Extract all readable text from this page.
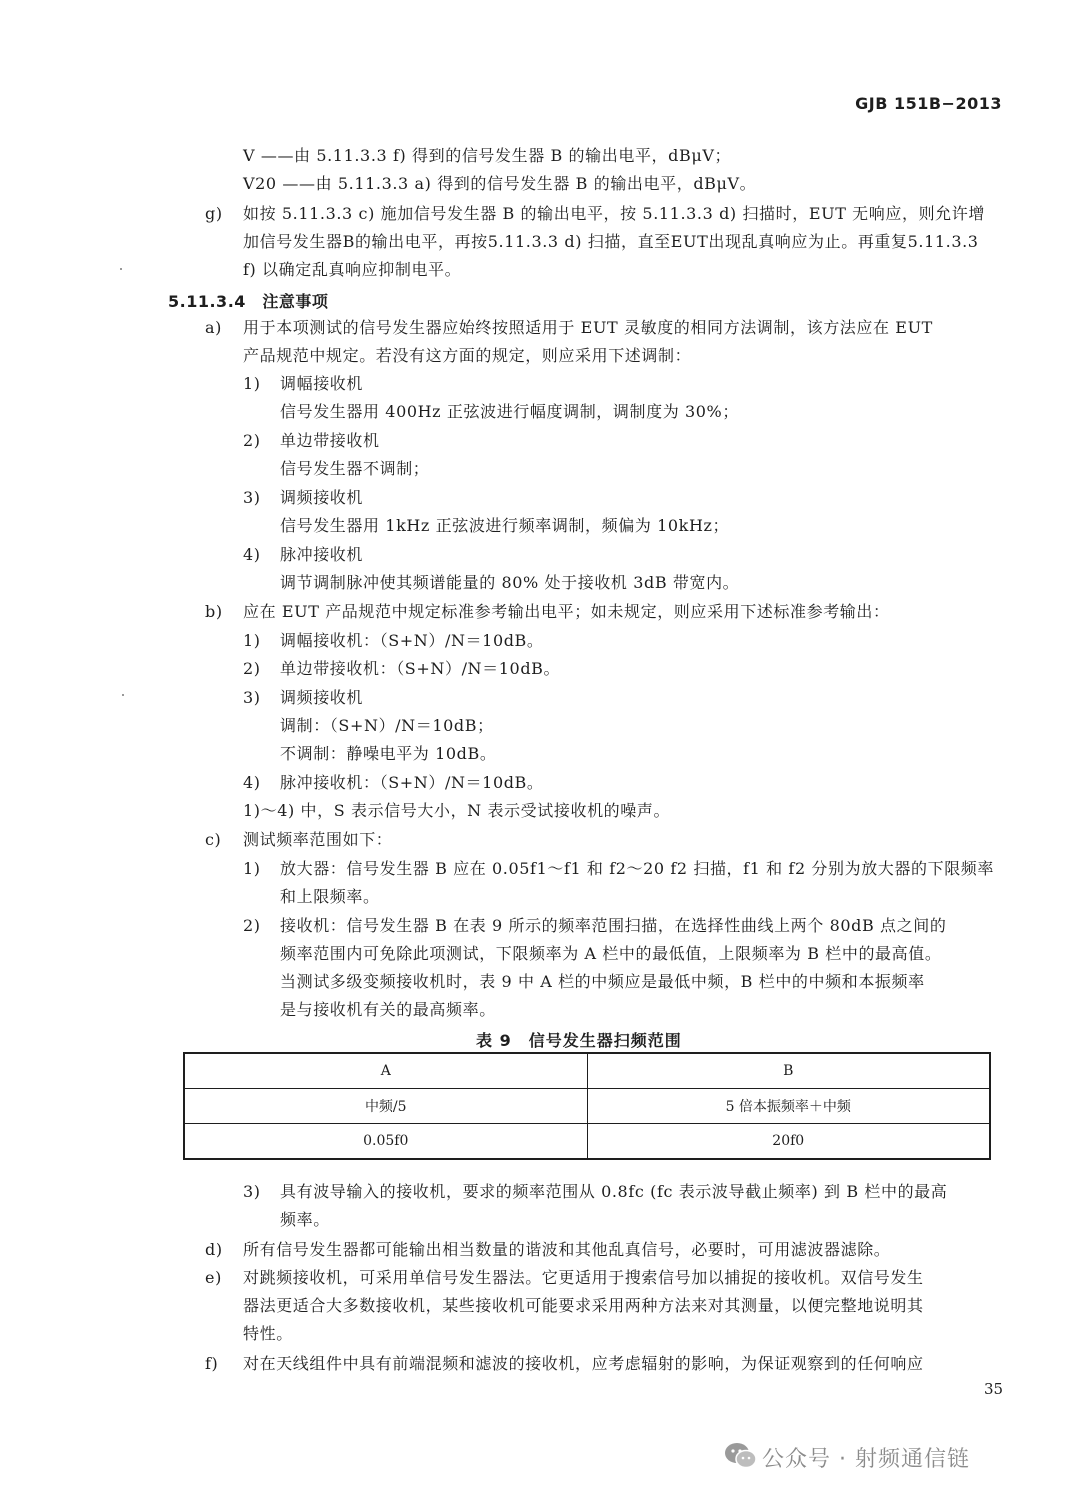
GJB 151B−2013
V ——由 5.11.3.3 f) 得到的信号发生器 B 的输出电平，dBμV；
V20 ——由 5.11.3.3 a) 得到的信号发生器 B 的输出电平，dBμV。
g) 如按 5.11.3.3 c) 施加信号发生器 B 的输出电平，按 5.11.3.3 d) 扫描时，EUT 无响应，则允许增
加信号发生器B的输出电平，再按5.11.3.3 d) 扫描，直至EUT出现乱真响应为止。再重复5.11.3.3
f) 以确定乱真响应抑制电平。
5.11.3.4　注意事项
a) 用于本项测试的信号发生器应始终按照适用于 EUT 灵敏度的相同方法调制，该方法应在 EUT
产品规范中规定。若没有这方面的规定，则应采用下述调制：
1) 调幅接收机
信号发生器用 400Hz 正弦波进行幅度调制，调制度为 30%；
2) 单边带接收机
信号发生器不调制；
3) 调频接收机
信号发生器用 1kHz 正弦波进行频率调制，频偏为 10kHz；
4) 脉冲接收机
调节调制脉冲使其频谱能量的 80% 处于接收机 3dB 带宽内。
b) 应在 EUT 产品规范中规定标准参考输出电平；如未规定，则应采用下述标准参考输出：
1) 调幅接收机：（S+N）/N＝10dB。
2) 单边带接收机：（S+N）/N＝10dB。
3) 调频接收机
调制：（S+N）/N＝10dB；
不调制：静噪电平为 10dB。
4) 脉冲接收机：（S+N）/N＝10dB。
1)～4) 中，S 表示信号大小，N 表示受试接收机的噪声。
c) 测试频率范围如下：
1) 放大器：信号发生器 B 应在 0.05f1～f1 和 f2～20 f2 扫描，f1 和 f2 分别为放大器的下限频率
和上限频率。
2) 接收机：信号发生器 B 在表 9 所示的频率范围扫描，在选择性曲线上两个 80dB 点之间的
频率范围内可免除此项测试，下限频率为 A 栏中的最低值，上限频率为 B 栏中的最高值。
当测试多级变频接收机时，表 9 中 A 栏的中频应是最低中频，B 栏中的中频和本振频率
是与接收机有关的最高频率。
表 9　信号发生器扫频范围
A	B
中频/5	5 倍本振频率＋中频
0.05f0	20f0
3) 具有波导输入的接收机，要求的频率范围从 0.8fc (fc 表示波导截止频率) 到 B 栏中的最高
频率。
d) 所有信号发生器都可能输出相当数量的谐波和其他乱真信号，必要时，可用滤波器滤除。
e) 对跳频接收机，可采用单信号发生器法。它更适用于搜索信号加以捕捉的接收机。双信号发生
器法更适合大多数接收机，某些接收机可能要求采用两种方法来对其测量，以便完整地说明其
特性。
f) 对在天线组件中具有前端混频和滤波的接收机，应考虑辐射的影响，为保证观察到的任何响应
35
公众号 · 射频通信链
